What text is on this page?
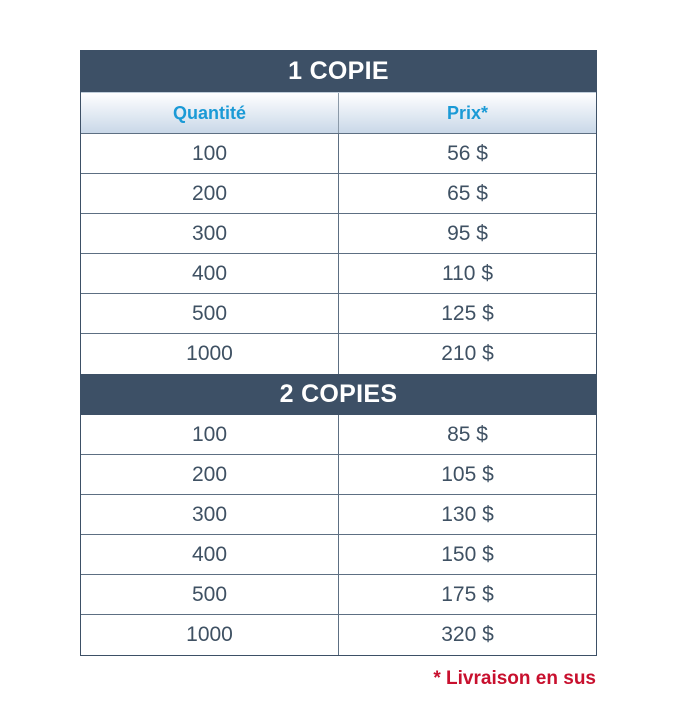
1 COPIE
Quantité	Prix*
100	56 $
200	65 $
300	95 $
400	110 $
500	125 $
1000	210 $
2 COPIES
100	85 $
200	105 $
300	130 $
400	150 $
500	175 $
1000	320 $
* Livraison en sus
